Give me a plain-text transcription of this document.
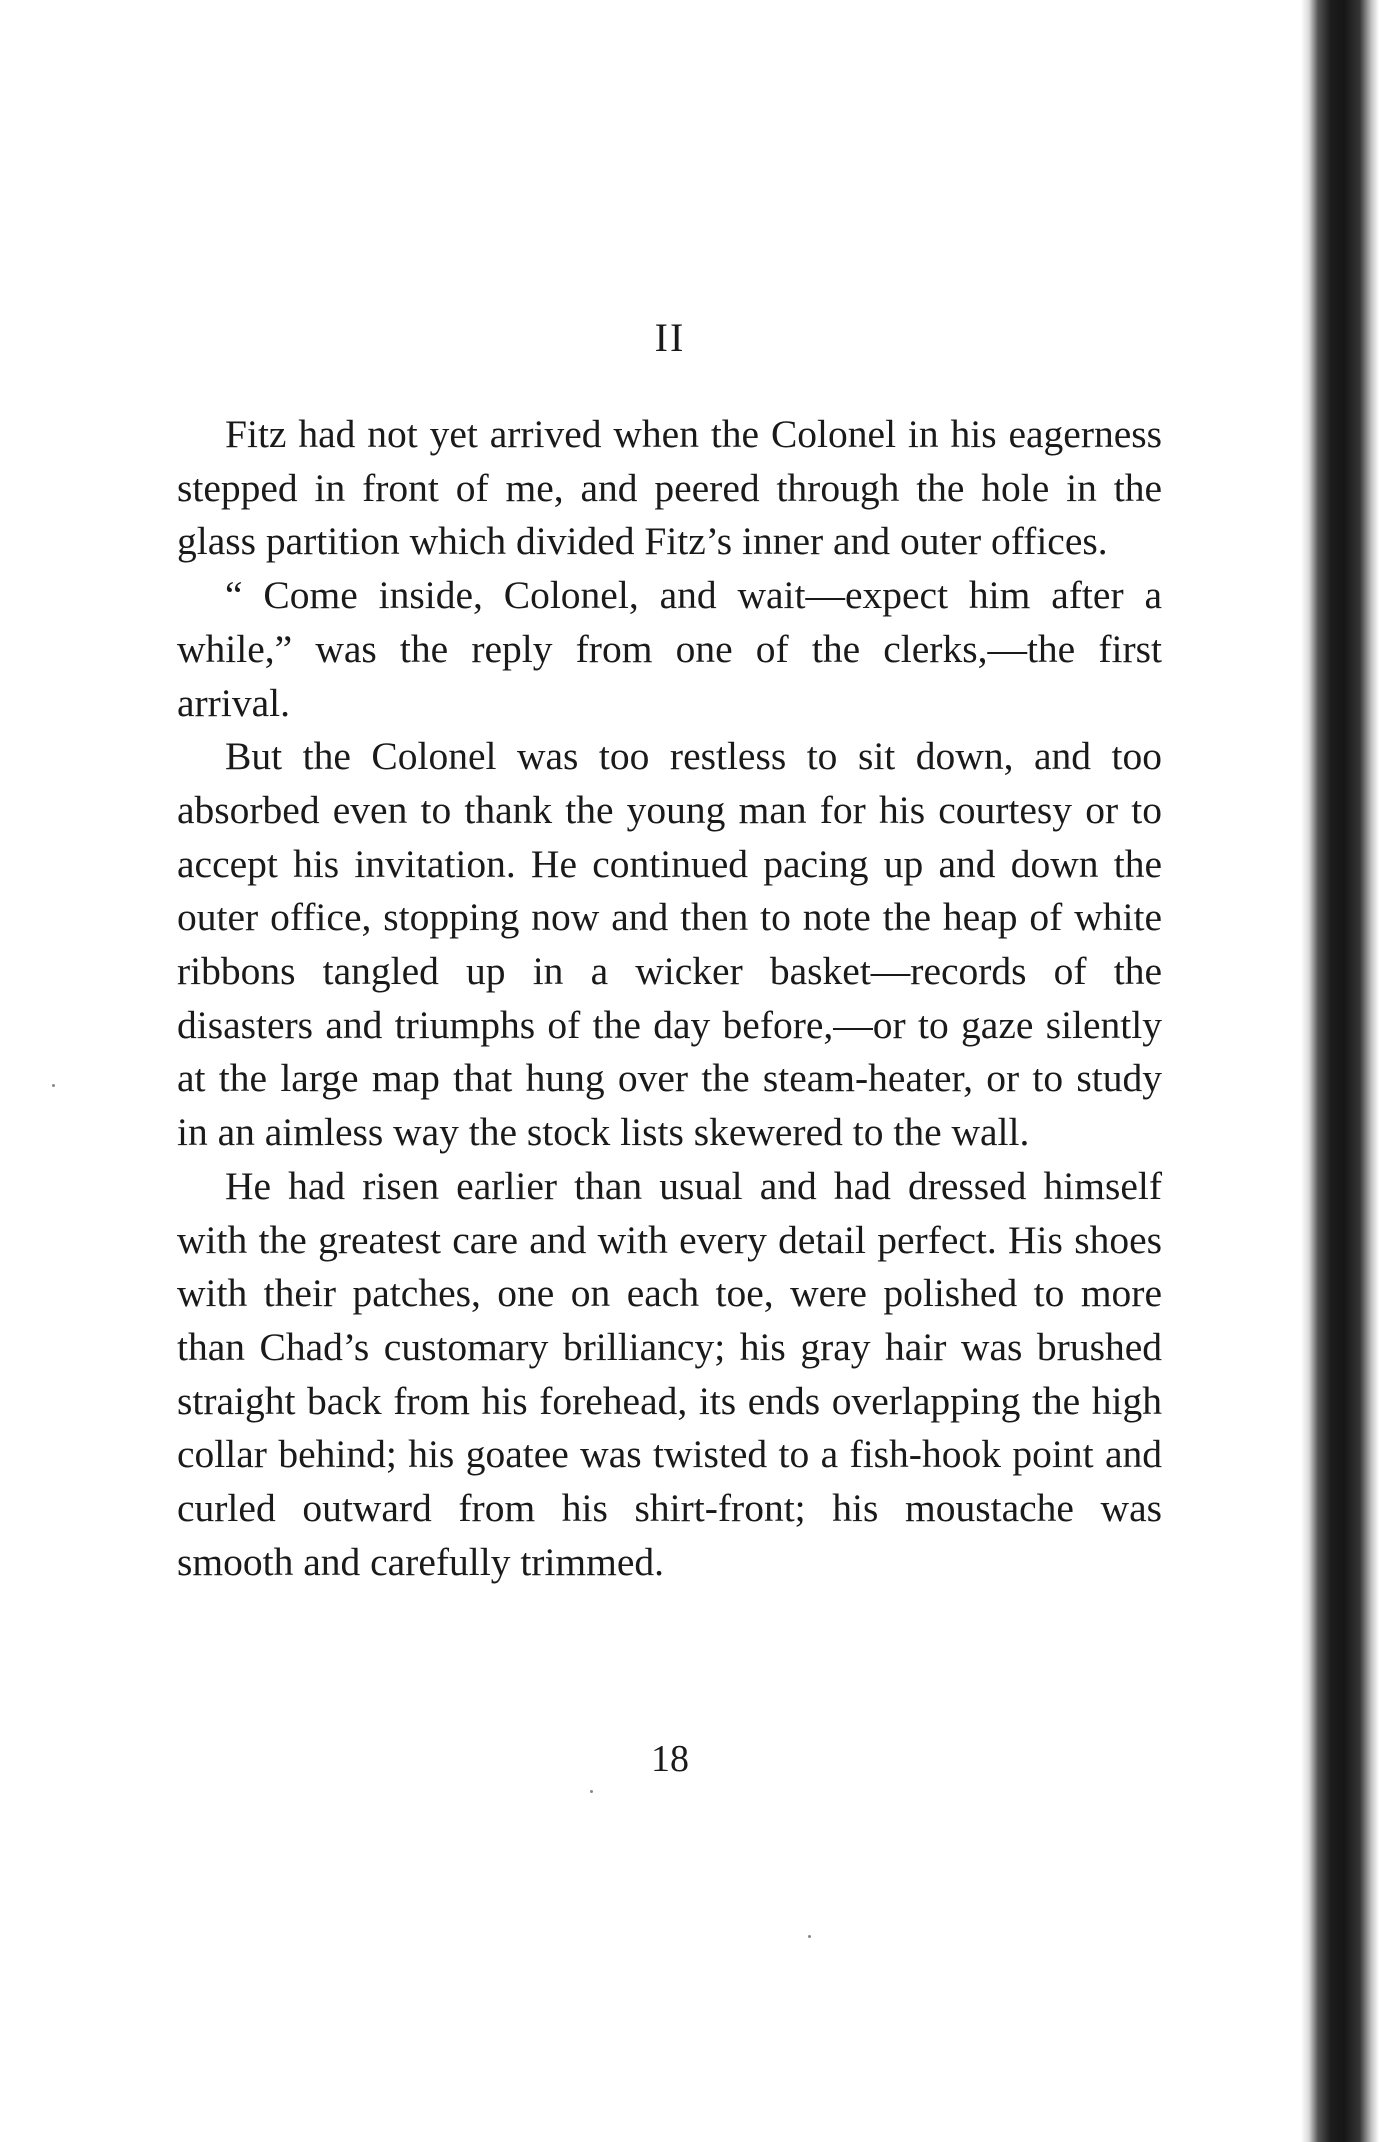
II

Fitz had not yet arrived when the Colonel in his eagerness stepped in front of me, and peered through the hole in the glass partition which divided Fitz’s inner and outer offices.

“ Come inside, Colonel, and wait—expect him after a while,” was the reply from one of the clerks,—the first arrival.

But the Colonel was too restless to sit down, and too absorbed even to thank the young man for his courtesy or to accept his invitation. He continued pacing up and down the outer office, stopping now and then to note the heap of white ribbons tangled up in a wicker basket—records of the disasters and triumphs of the day before,—or to gaze silently at the large map that hung over the steam-heater, or to study in an aimless way the stock lists skewered to the wall.

He had risen earlier than usual and had dressed himself with the greatest care and with every detail perfect. His shoes with their patches, one on each toe, were polished to more than Chad’s customary brilliancy; his gray hair was brushed straight back from his forehead, its ends overlapping the high collar behind; his goatee was twisted to a fish-hook point and curled outward from his shirt-front; his moustache was smooth and carefully trimmed.

18
